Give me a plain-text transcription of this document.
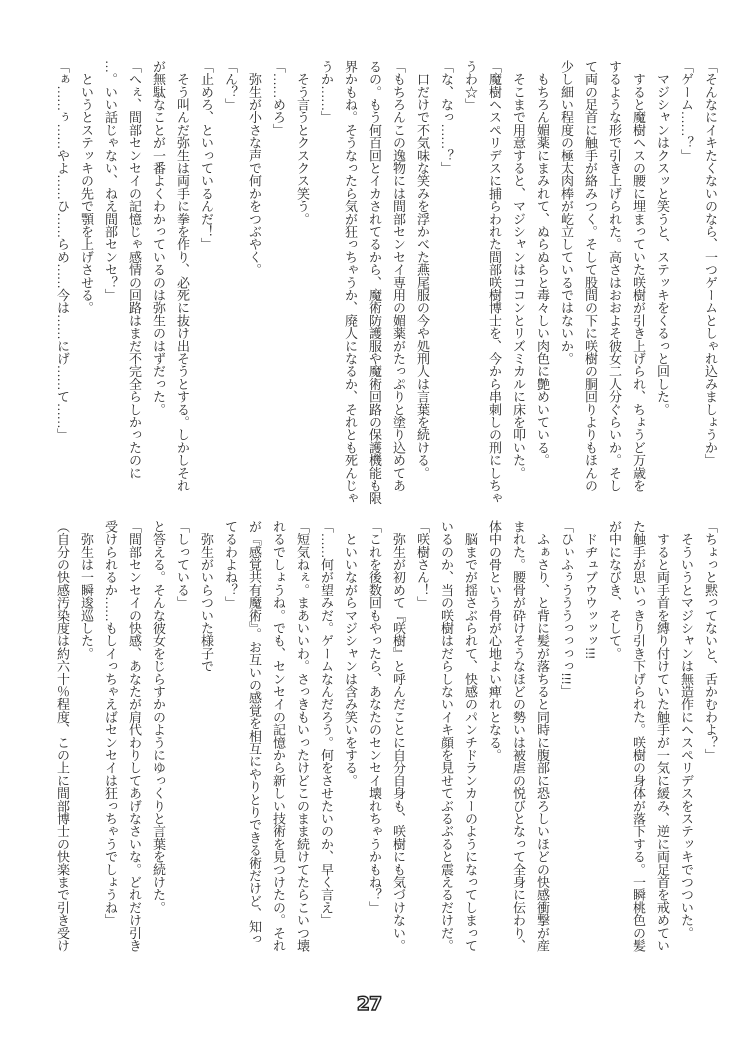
「そんなにイキたくないのなら、一つゲームとしゃれ込みましょうか」
「ゲーム……？」
　マジシャンはクスッと笑うと、ステッキをくるっと回した。
　すると魔樹ヘスの腰に埋まっていた咲樹が引き上げられ、ちょうど万歳を
するような形で引き上げられた。高さはおおよそ彼女二人分ぐらいか。そし
て両の足首に触手が絡みつく。そして股間の下に咲樹の胴回りよりもほんの
少し細い程度の極太肉棒が屹立しているではないか。
　もちろん媚薬にまみれて、ぬらぬらと毒々しい肉色に艶めいている。
　そこまで用意すると、マジシャンはココンとリズミカルに床を叩いた。
「魔樹ヘスペリデスに捕らわれた間部咲樹博士を、今から串刺しの刑にしちゃ
うわ☆」
「な、なっ……？」
　口だけで不気味な笑みを浮かべた燕尾服の今や処刑人は言葉を続ける。
「もちろんこの逸物には間部センセイ専用の媚薬がたっぷりと塗り込めてあ
るの。もう何百回とイカされてるから、魔術防護服や魔術回路の保護機能も限
界かもね。そうなったら気が狂っちゃうか、廃人になるか、それとも死んじゃ
うか……」
　そう言うとクスクス笑う。
「……めろ」
　弥生が小さな声で何かをつぶやく。
「ん？」
「止めろ、といっているんだ！」
　そう叫んだ弥生は両手に拳を作り、必死に抜け出そうとする。しかしそれ
が無駄なことが一番よくわかっているのは弥生のはずだった。
「へぇ、間部センセイの記憶じゃ感情の回路はまだ不完全らしかったのに
…。いい話じゃない、ねえ間部センセ？」
　というとステッキの先で顎を上げさせる。
「ぁ……ぅ……やよ……ひ……らめ……今は……にげ……て……」
「ちょっと黙ってないと、舌かむわよ？」
　そういうとマジシャンは無造作にヘスペリデスをステッキでつついた。
　すると両手首を縛り付けていた触手が一気に緩み、逆に両足首を戒めてい
た触手が思いっきり引き下げられた。咲樹の身体が落下する。一瞬桃色の髪
が中になびき、そして。
　ドヂュブウウッッッ!!!
「ひぃふぅうううっっっっ!!!」
　ふぁさり、と背に髪が落ちると同時に腹部に恐ろしいほどの快感衝撃が産
まれた。腰骨が砕けそうなほどの勢いは被虐の悦びとなって全身に伝わり、
体中の骨という骨が心地よい痺れとなる。
　脳までが揺さぶられて、快感のパンチドランカーのようになってしまって
いるのか、当の咲樹はだらしないイキ顔を見せてぶるぶると震えるだけだ。
「咲樹さん！」
　弥生が初めて『咲樹』と呼んだことに自分自身も、咲樹にも気づけない。
「これを後数回もやったら、あなたのセンセイ壊れちゃうかもね？」
　といいながらマジシャンは含み笑いをする。
「……何が望みだ。ゲームなんだろう。何をさせたいのか、早く言え」
「短気ねぇ。まあいいわ。さっきもいったけどこのまま続けてたらこいつ壊
れるでしょうね。でも、センセイの記憶から新しい技術を見つけたの。それ
が『感覚共有魔術』。お互いの感覚を相互にやりとりできる術だけど、知っ
てるわよね？」
　弥生がいらついた様子で
「しっている」
と答える。そんな彼女をじらすかのようにゆっくりと言葉を続けた。
「間部センセイの快感、あなたが肩代わりしてあげなさいな。どれだけ引き
受けられるか……もしイっちゃえばセンセイは狂っちゃうでしょうね」
　弥生は一瞬逡巡した。
（自分の快感汚染度は約六十％程度、この上に間部博士の快楽まで引き受け
27
